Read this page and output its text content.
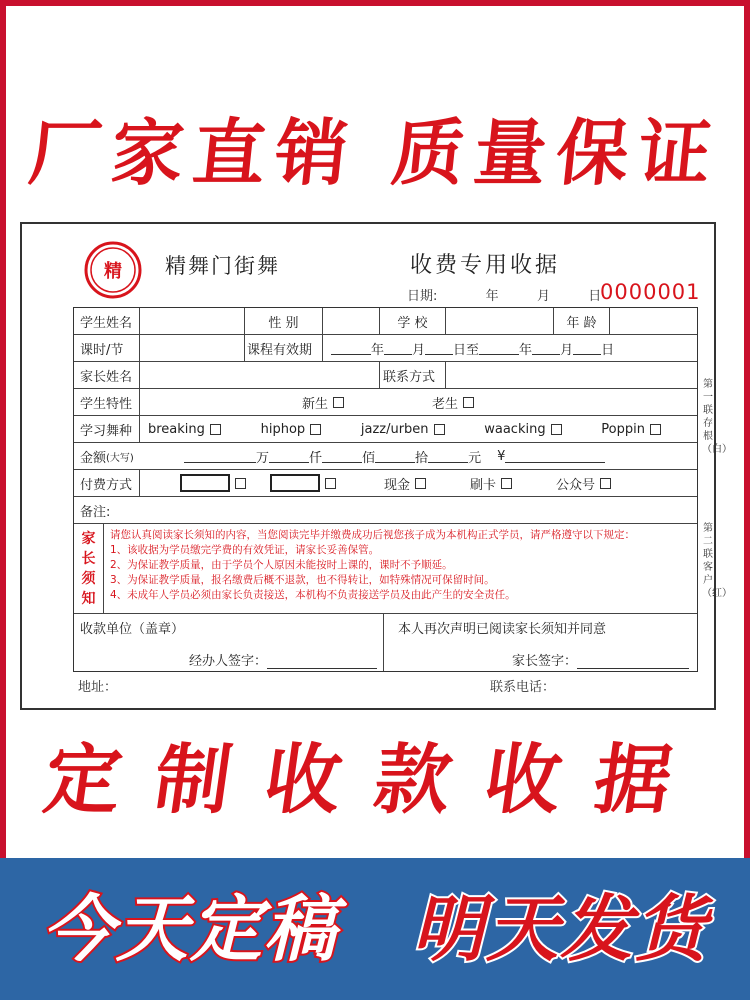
厂家直销 质量保证
精 精舞门街舞	收费专用收据
日期:	年	月	日
0000001
学生姓名	性 别	学 校	年 龄
课时/节	课程有效期	年 月 日至	年 月 日
家长姓名	联系方式
学生特性	新生	老生
学习舞种	breaking	hiphop	jazz/urben	waacking	Poppin
金额 (大写)	万	仟	佰	拾	元 ¥
付费方式	现金	刷卡	公众号
备注:
家
长
须
知
请您认真阅读家长须知的内容，当您阅读完毕并缴费成功后视您孩子成为本机构正式学员，请严格遵守以下规定：
1、该收据为学员缴完学费的有效凭证，请家长妥善保管。
2、为保证教学质量，由于学员个人原因未能按时上课的，课时不予顺延。
3、为保证教学质量，报名缴费后概不退款，也不得转让，如特殊情况可保留时间。
4、未成年人学员必须由家长负责接送，本机构不负责接送学员及由此产生的安全责任。
收款单位（盖章）
经办人签字：
本人再次声明已阅读家长须知并同意
家长签字：
地址：	联系电话：
第一联存根（白）
第二联客户（红）
定制收款收据
今天定稿 明天发货
